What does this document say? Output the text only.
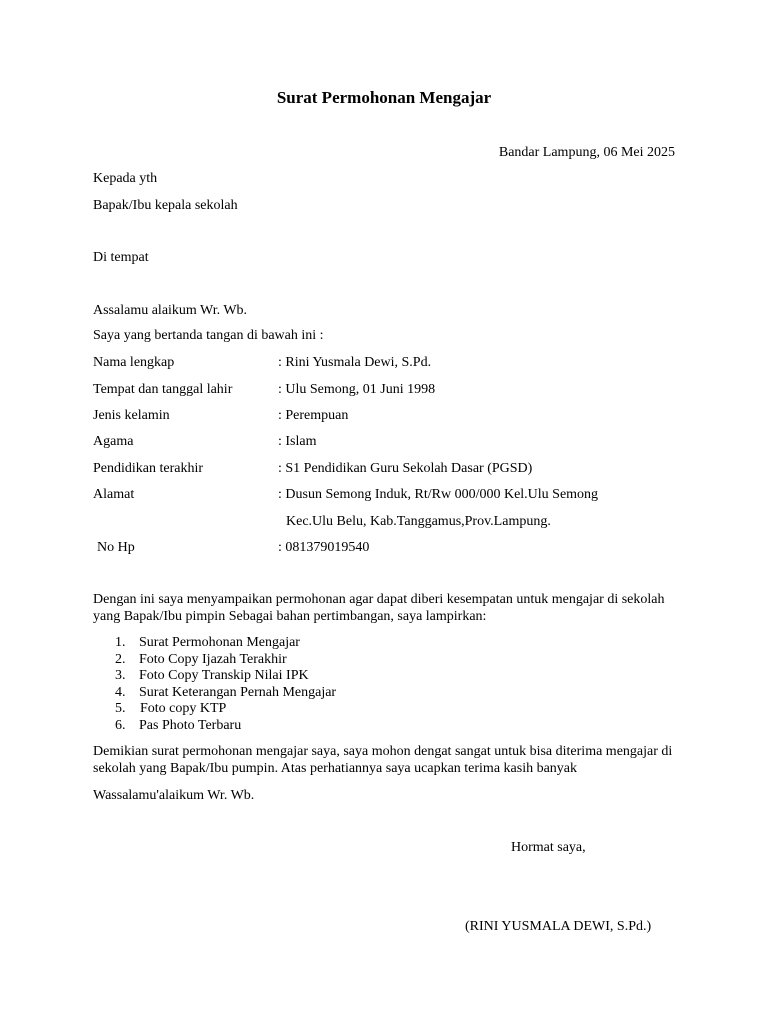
Surat Permohonan Mengajar
Bandar Lampung, 06 Mei 2025
Kepada yth
Bapak/Ibu kepala sekolah
Di tempat
Assalamu alaikum Wr. Wb.
Saya yang bertanda tangan di bawah ini :
Nama lengkap	: Rini Yusmala Dewi, S.Pd.
Tempat dan tanggal lahir	: Ulu Semong, 01 Juni 1998
Jenis kelamin	: Perempuan
Agama	: Islam
Pendidikan terakhir	: S1 Pendidikan Guru Sekolah Dasar (PGSD)
Alamat	: Dusun Semong Induk, Rt/Rw 000/000 Kel.Ulu Semong
Kec.Ulu Belu, Kab.Tanggamus,Prov.Lampung.
No Hp	: 081379019540
Dengan ini saya menyampaikan permohonan agar dapat diberi kesempatan untuk mengajar di sekolah yang Bapak/Ibu pimpin Sebagai bahan pertimbangan, saya lampirkan:
1. Surat Permohonan Mengajar
2. Foto Copy Ijazah Terakhir
3. Foto Copy Transkip Nilai IPK
4. Surat Keterangan Pernah Mengajar
5. Foto copy KTP
6. Pas Photo Terbaru
Demikian surat permohonan mengajar saya, saya mohon dengat sangat untuk bisa diterima mengajar di sekolah yang Bapak/Ibu pumpin. Atas perhatiannya saya ucapkan terima kasih banyak
Wassalamu'alaikum Wr. Wb.
Hormat saya,
(RINI YUSMALA DEWI, S.Pd.)
